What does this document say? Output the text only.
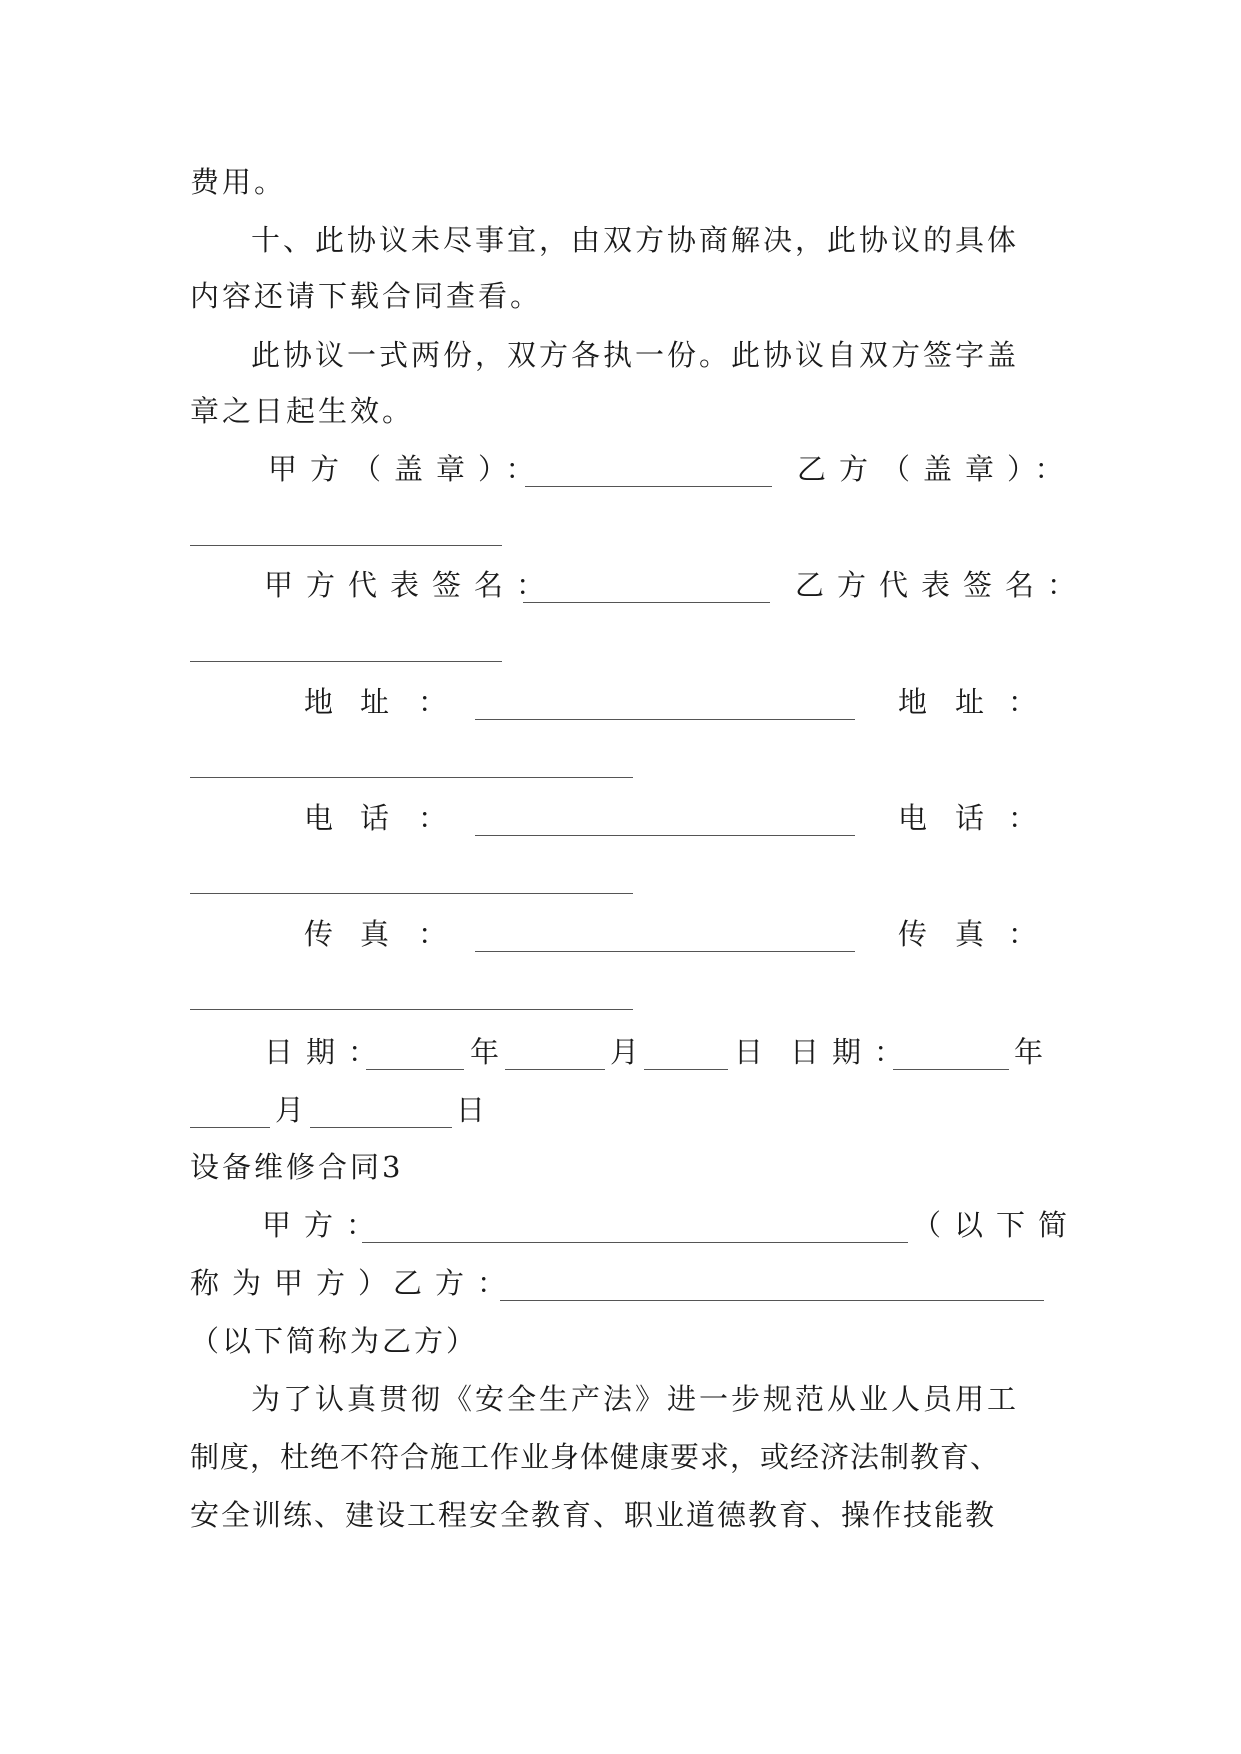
费用。
十、此协议未尽事宜，由双方协商解决，此协议的具体
内容还请下载合同查看。
此协议一式两份，双方各执一份。此协议自双方签字盖
章之日起生效。
甲方（盖章）：	乙方（盖章）：
甲方代表签名：	乙方代表签名：
地 址 ：	地 址 ：
电 话 ：	电 话 ：
传 真 ：	传 真 ：
日期：	年	月	日 日期：	年
月	日
设备维修合同3
甲方：	（以下简
称为甲方）
乙方：
（以下简称为乙方）
为了认真贯彻《安全生产法》进一步规范从业人员用工
制度，杜绝不符合施工作业身体健康要求，或经济法制教育、
安全训练、建设工程安全教育、职业道德教育、操作技能教
